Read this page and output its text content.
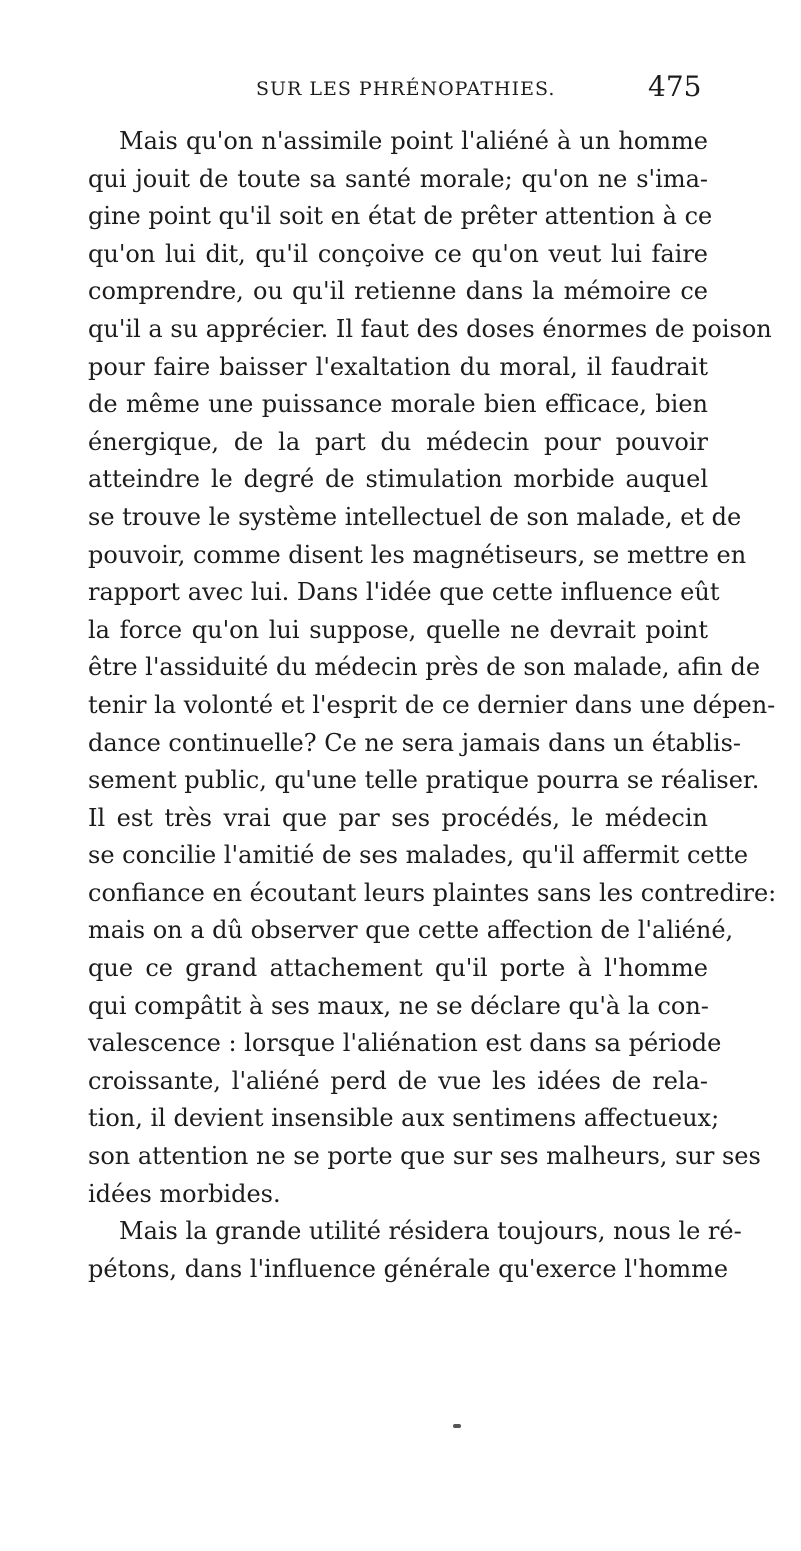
SUR LES PHRÉNOPATHIES.	475
Mais qu'on n'assimile point l'aliéné à un homme
qui jouit de toute sa santé morale; qu'on ne s'ima-
gine point qu'il soit en état de prêter attention à ce
qu'on lui dit, qu'il conçoive ce qu'on veut lui faire
comprendre, ou qu'il retienne dans la mémoire ce
qu'il a su apprécier. Il faut des doses énormes de poison
pour faire baisser l'exaltation du moral, il faudrait
de même une puissance morale bien efficace, bien
énergique, de la part du médecin pour pouvoir
atteindre le degré de stimulation morbide auquel
se trouve le système intellectuel de son malade, et de
pouvoir, comme disent les magnétiseurs, se mettre en
rapport avec lui. Dans l'idée que cette influence eût
la force qu'on lui suppose, quelle ne devrait point
être l'assiduité du médecin près de son malade, afin de
tenir la volonté et l'esprit de ce dernier dans une dépen-
dance continuelle? Ce ne sera jamais dans un établis-
sement public, qu'une telle pratique pourra se réaliser.
Il est très vrai que par ses procédés, le médecin
se concilie l'amitié de ses malades, qu'il affermit cette
confiance en écoutant leurs plaintes sans les contredire:
mais on a dû observer que cette affection de l'aliéné,
que ce grand attachement qu'il porte à l'homme
qui compâtit à ses maux, ne se déclare qu'à la con-
valescence : lorsque l'aliénation est dans sa période
croissante, l'aliéné perd de vue les idées de rela-
tion, il devient insensible aux sentimens affectueux;
son attention ne se porte que sur ses malheurs, sur ses
idées morbides.
Mais la grande utilité résidera toujours, nous le ré-
pétons, dans l'influence générale qu'exerce l'homme
